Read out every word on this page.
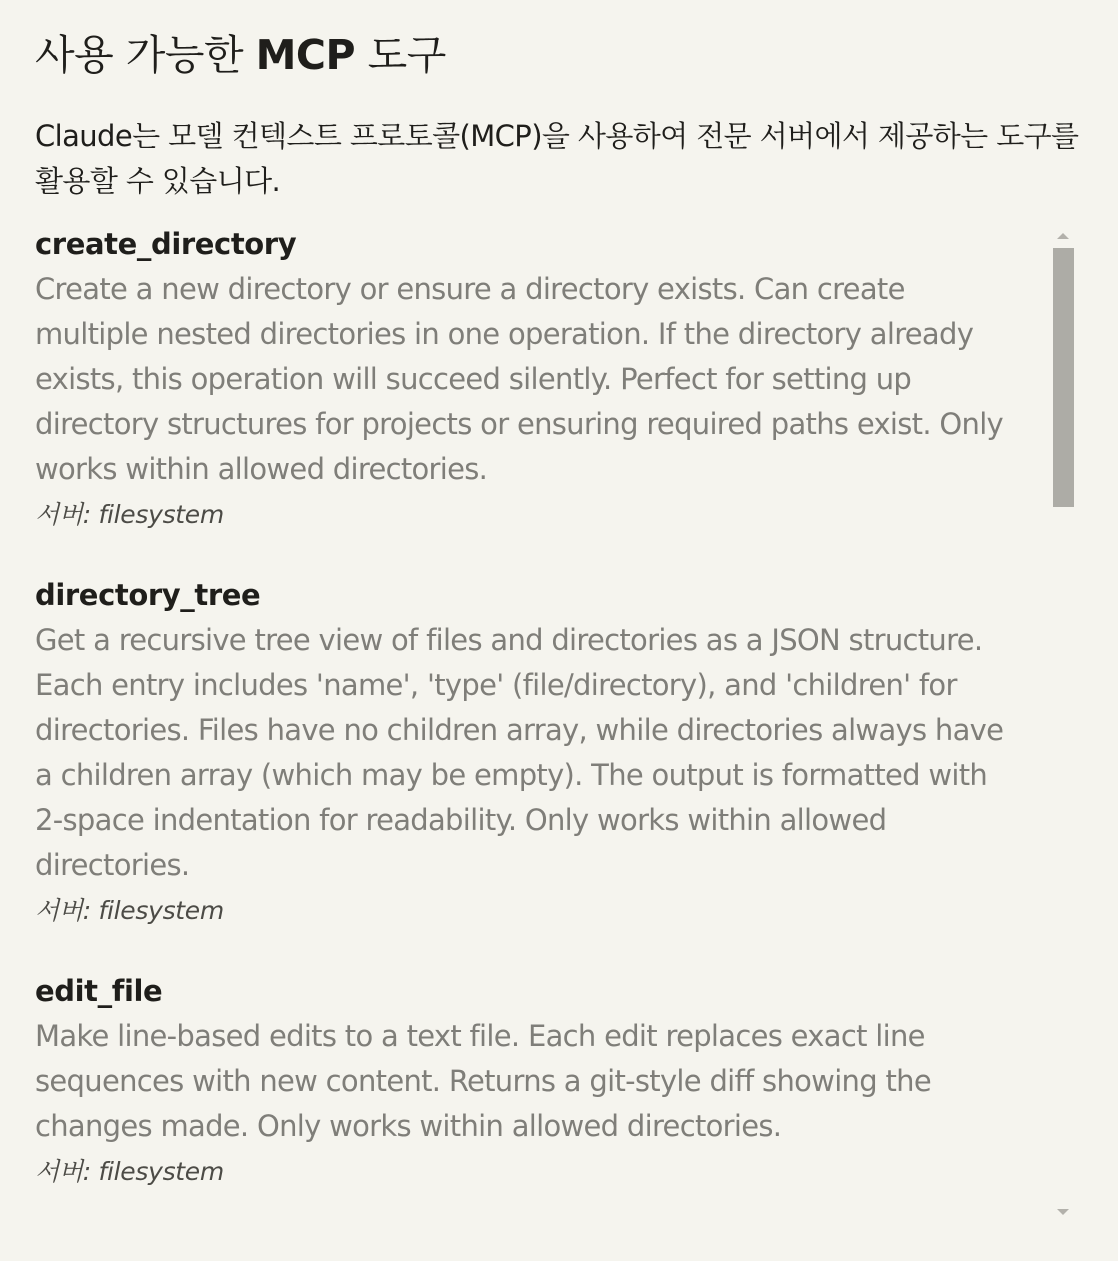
사용 가능한 MCP 도구

Claude는 모델 컨텍스트 프로토콜(MCP)을 사용하여 전문 서버에서 제공하는 도구를 활용할 수 있습니다.

create_directory

Create a new directory or ensure a directory exists. Can create multiple nested directories in one operation. If the directory already exists, this operation will succeed silently. Perfect for setting up directory structures for projects or ensuring required paths exist. Only works within allowed directories.

서버: filesystem

directory_tree

Get a recursive tree view of files and directories as a JSON structure. Each entry includes 'name', 'type' (file/directory), and 'children' for directories. Files have no children array, while directories always have a children array (which may be empty). The output is formatted with 2-space indentation for readability. Only works within allowed directories.

서버: filesystem

edit_file

Make line-based edits to a text file. Each edit replaces exact line sequences with new content. Returns a git-style diff showing the changes made. Only works within allowed directories.

서버: filesystem
